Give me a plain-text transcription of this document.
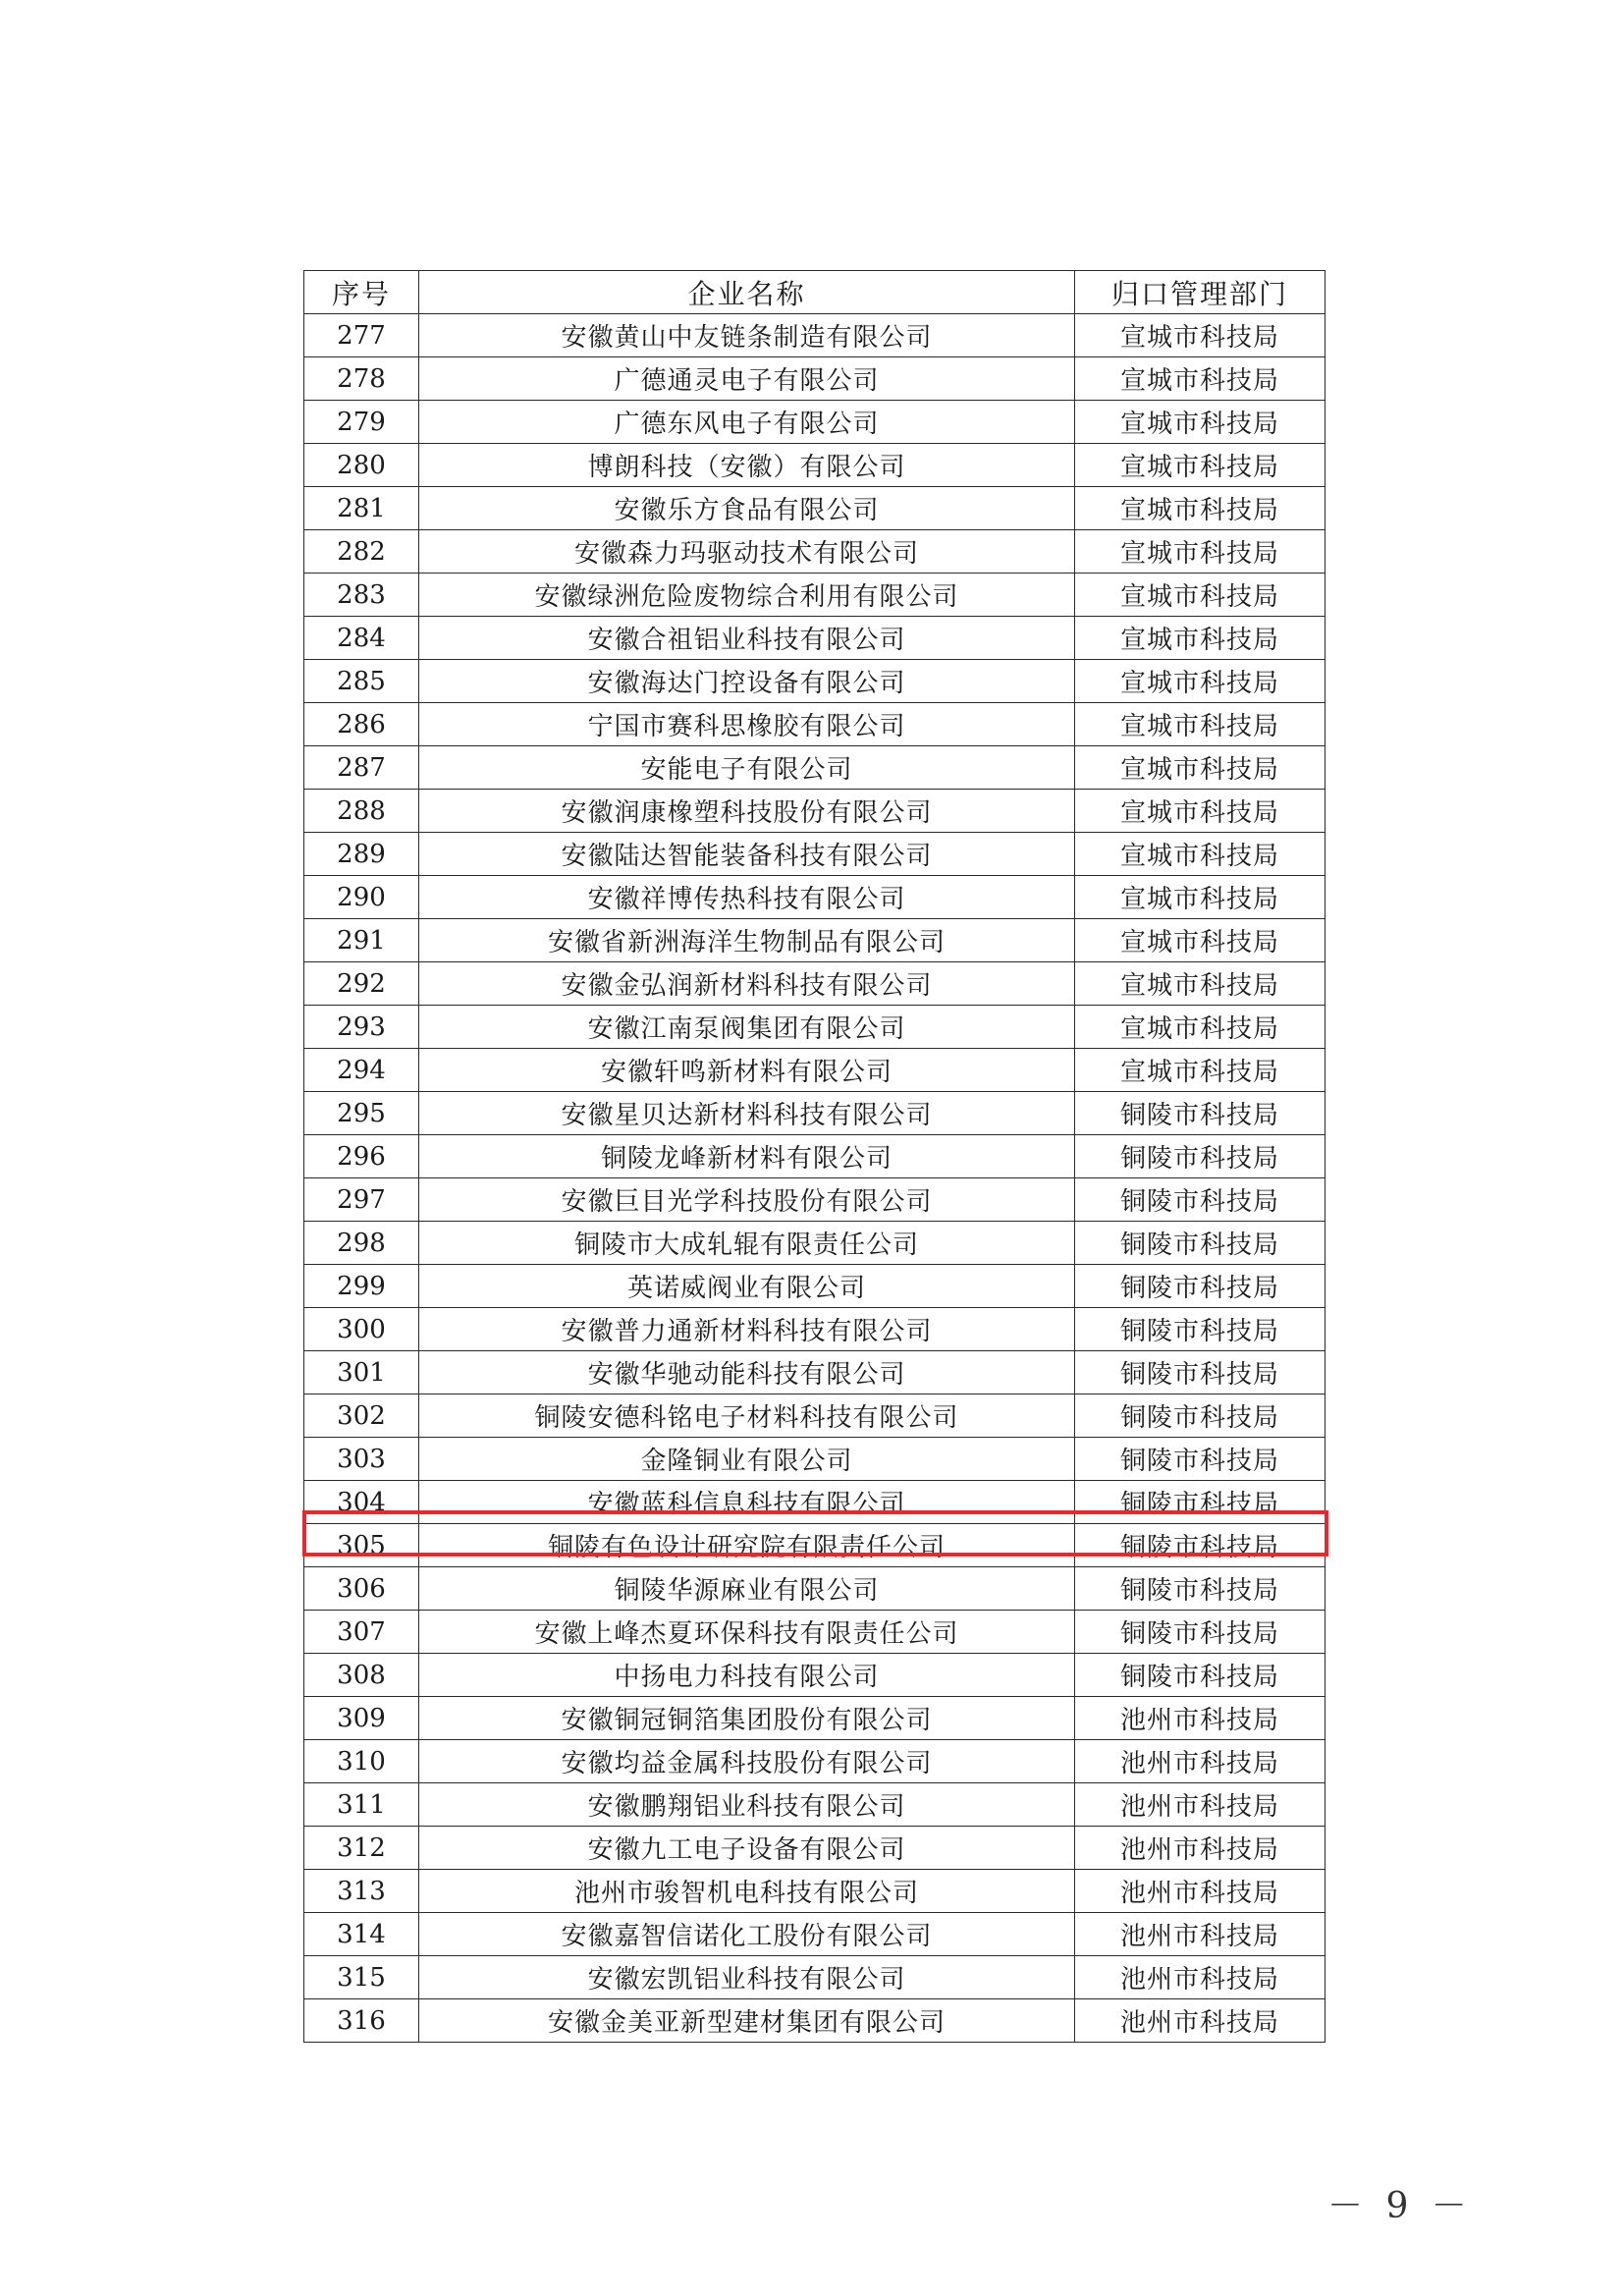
序号	企业名称	归口管理部门
277	安徽黄山中友链条制造有限公司	宣城市科技局
278	广德通灵电子有限公司	宣城市科技局
279	广德东风电子有限公司	宣城市科技局
280	博朗科技（安徽）有限公司	宣城市科技局
281	安徽乐方食品有限公司	宣城市科技局
282	安徽森力玛驱动技术有限公司	宣城市科技局
283	安徽绿洲危险废物综合利用有限公司	宣城市科技局
284	安徽合祖铝业科技有限公司	宣城市科技局
285	安徽海达门控设备有限公司	宣城市科技局
286	宁国市赛科思橡胶有限公司	宣城市科技局
287	安能电子有限公司	宣城市科技局
288	安徽润康橡塑科技股份有限公司	宣城市科技局
289	安徽陆达智能装备科技有限公司	宣城市科技局
290	安徽祥博传热科技有限公司	宣城市科技局
291	安徽省新洲海洋生物制品有限公司	宣城市科技局
292	安徽金弘润新材料科技有限公司	宣城市科技局
293	安徽江南泵阀集团有限公司	宣城市科技局
294	安徽轩鸣新材料有限公司	宣城市科技局
295	安徽星贝达新材料科技有限公司	铜陵市科技局
296	铜陵龙峰新材料有限公司	铜陵市科技局
297	安徽巨目光学科技股份有限公司	铜陵市科技局
298	铜陵市大成轧辊有限责任公司	铜陵市科技局
299	英诺威阀业有限公司	铜陵市科技局
300	安徽普力通新材料科技有限公司	铜陵市科技局
301	安徽华驰动能科技有限公司	铜陵市科技局
302	铜陵安德科铭电子材料科技有限公司	铜陵市科技局
303	金隆铜业有限公司	铜陵市科技局
304	安徽蓝科信息科技有限公司	铜陵市科技局
305	铜陵有色设计研究院有限责任公司	铜陵市科技局
306	铜陵华源麻业有限公司	铜陵市科技局
307	安徽上峰杰夏环保科技有限责任公司	铜陵市科技局
308	中扬电力科技有限公司	铜陵市科技局
309	安徽铜冠铜箔集团股份有限公司	池州市科技局
310	安徽均益金属科技股份有限公司	池州市科技局
311	安徽鹏翔铝业科技有限公司	池州市科技局
312	安徽九工电子设备有限公司	池州市科技局
313	池州市骏智机电科技有限公司	池州市科技局
314	安徽嘉智信诺化工股份有限公司	池州市科技局
315	安徽宏凯铝业科技有限公司	池州市科技局
316	安徽金美亚新型建材集团有限公司	池州市科技局
－ 9 －
